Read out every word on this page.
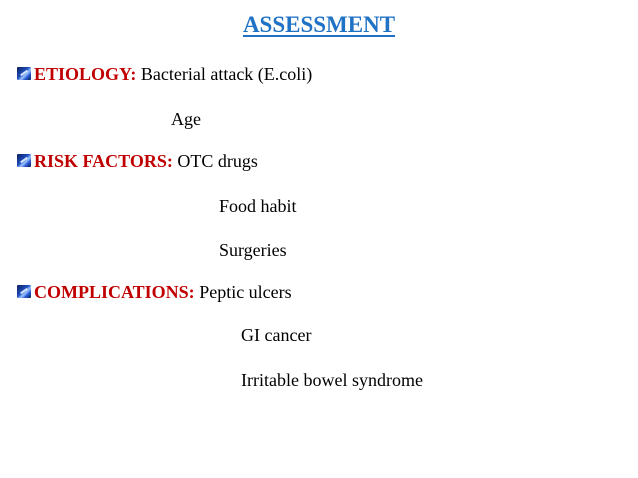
ASSESSMENT
ETIOLOGY: Bacterial attack (E.coli)
Age
RISK FACTORS: OTC drugs
Food habit
Surgeries
COMPLICATIONS: Peptic ulcers
GI cancer
Irritable bowel syndrome
